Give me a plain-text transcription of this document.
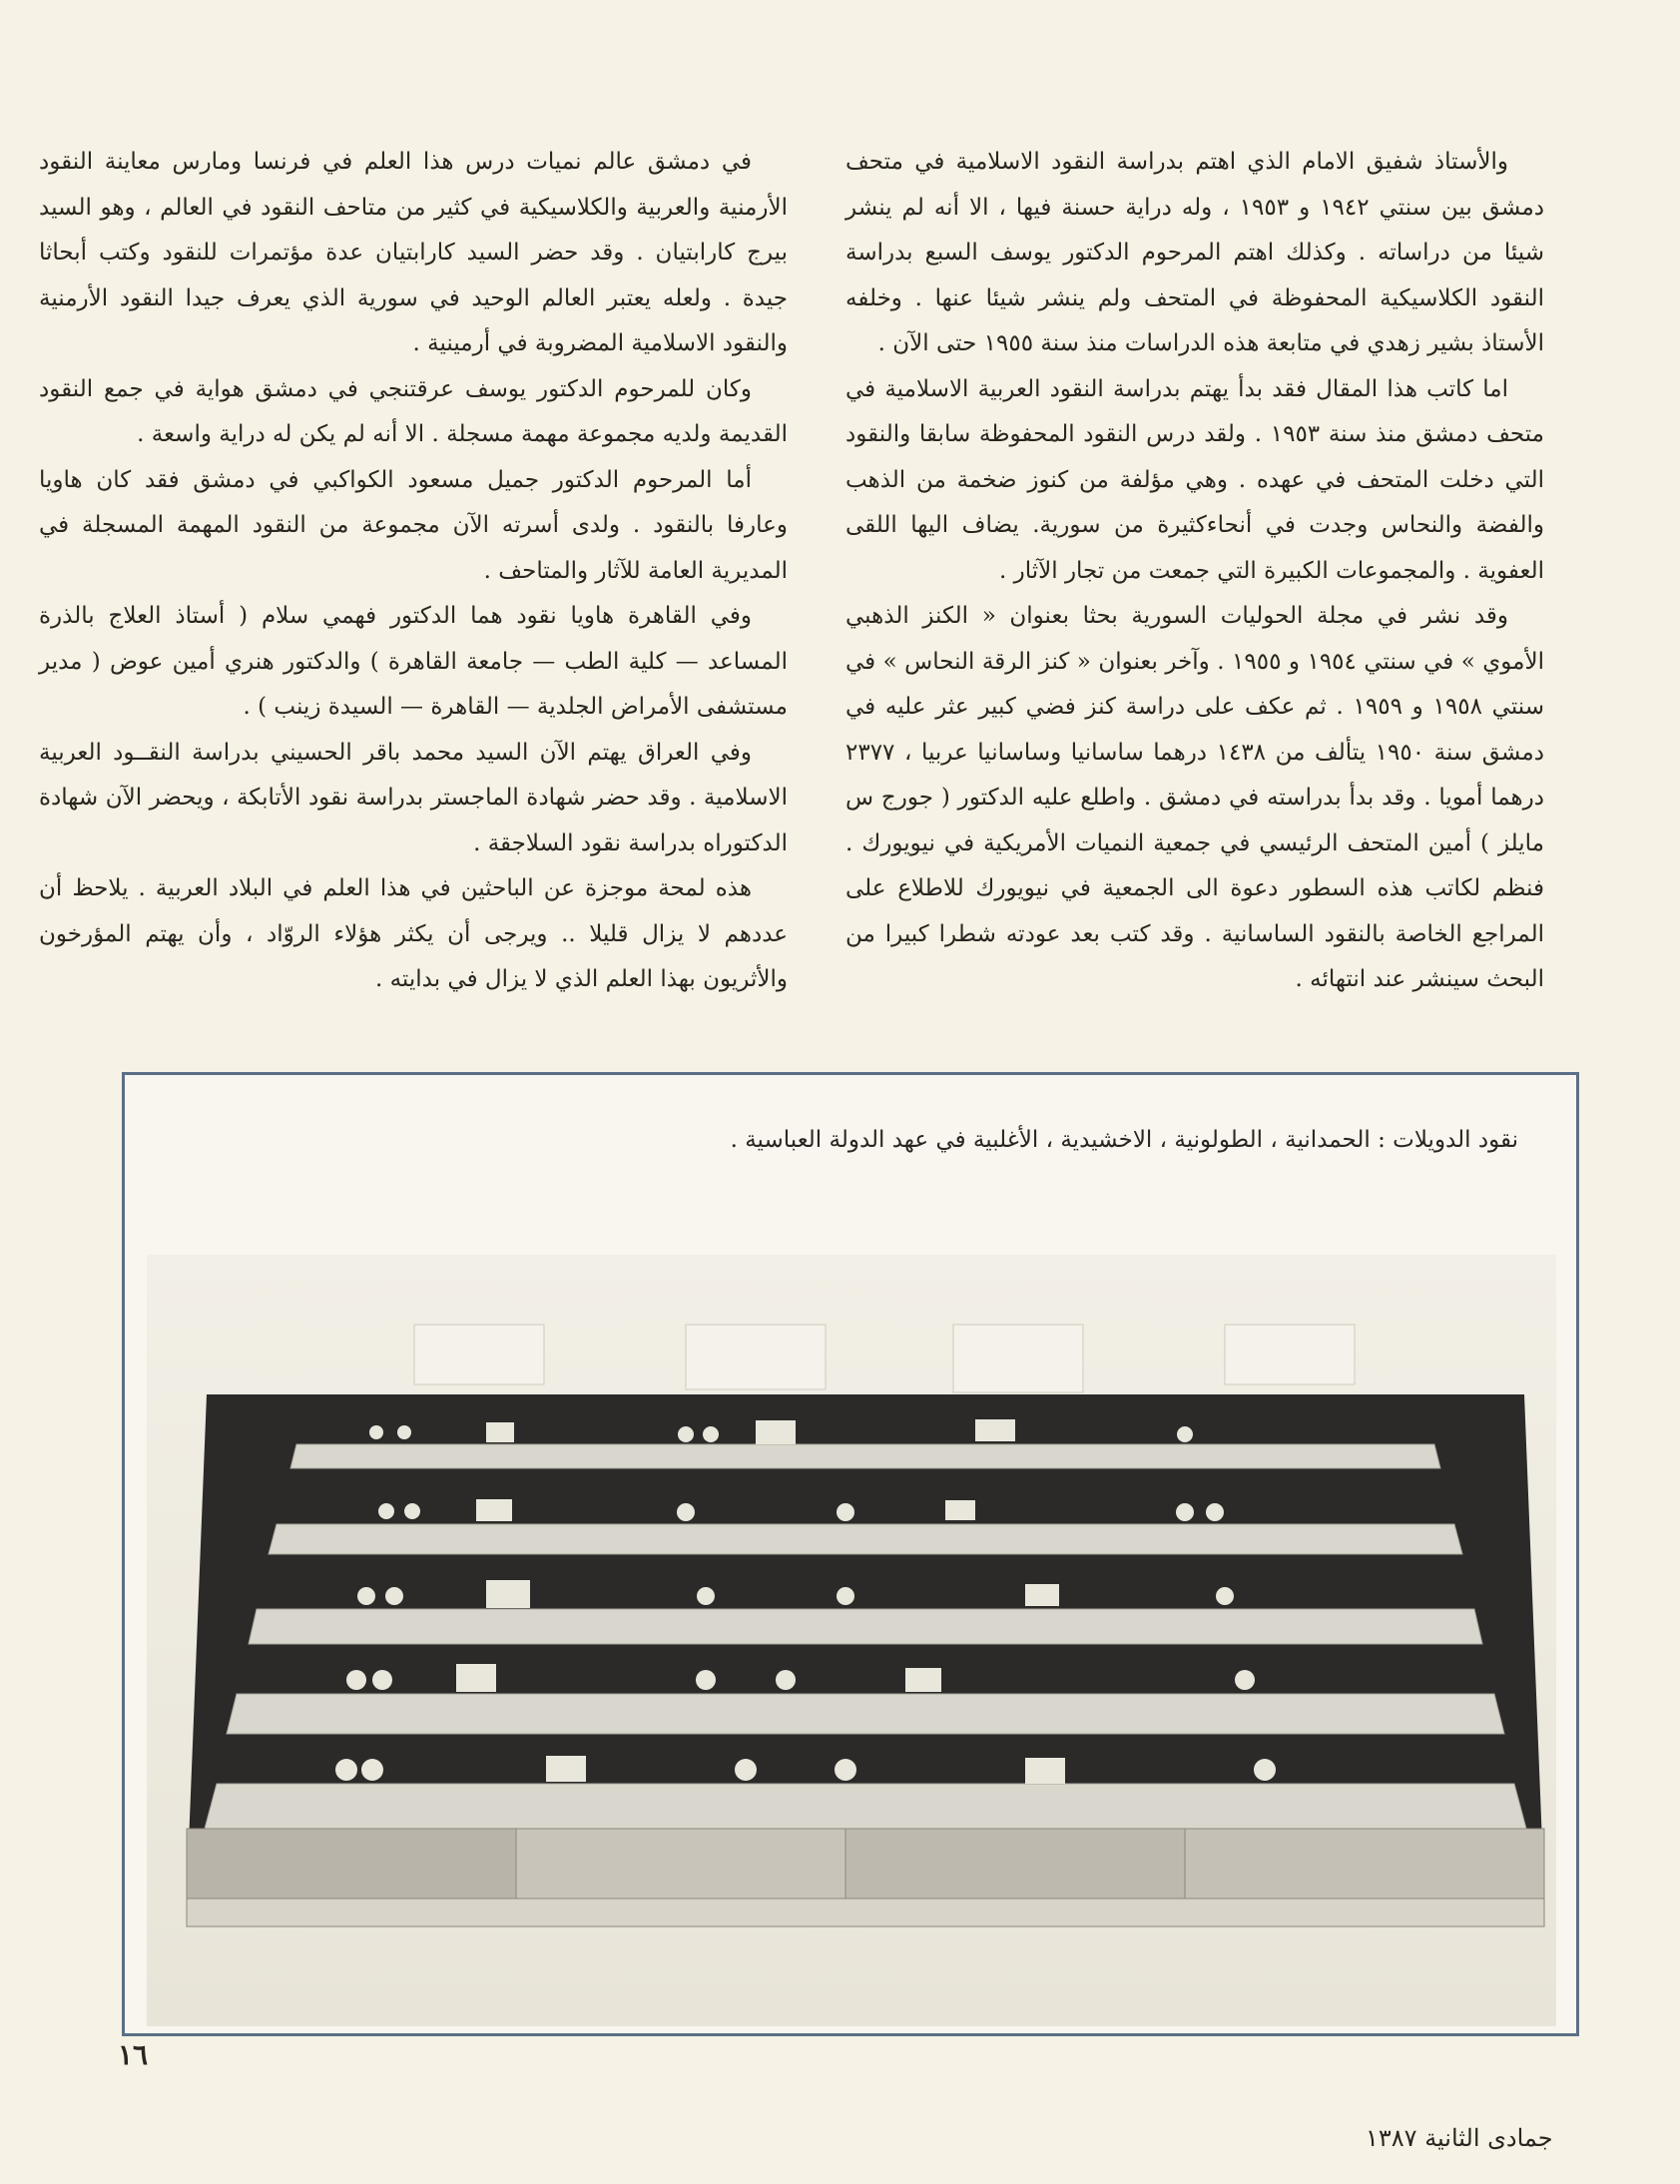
والأستاذ شفيق الامام الذي اهتم بدراسة النقود الاسلامية في متحف دمشق بين سنتي ١٩٤٢ و ١٩٥٣ ، وله دراية حسنة فيها ، الا أنه لم ينشر شيئا من دراساته . وكذلك اهتم المرحوم الدكتور يوسف السبع بدراسة النقود الكلاسيكية المحفوظة في المتحف ولم ينشر شيئا عنها . وخلفه الأستاذ بشير زهدي في متابعة هذه الدراسات منذ سنة ١٩٥٥ حتى الآن .

اما كاتب هذا المقال فقد بدأ يهتم بدراسة النقود العربية الاسلامية في متحف دمشق منذ سنة ١٩٥٣ . ولقد درس النقود المحفوظة سابقا والنقود التي دخلت المتحف في عهده . وهي مؤلفة من كنوز ضخمة من الذهب والفضة والنحاس وجدت في أنحاءكثيرة من سورية. يضاف اليها اللقى العفوية . والمجموعات الكبيرة التي جمعت من تجار الآثار .

وقد نشر في مجلة الحوليات السورية بحثا بعنوان « الكنز الذهبي الأموي » في سنتي ١٩٥٤ و ١٩٥٥ . وآخر بعنوان « كنز الرقة النحاس » في سنتي ١٩٥٨ و ١٩٥٩ . ثم عكف على دراسة كنز فضي كبير عثر عليه في دمشق سنة ١٩٥٠ يتألف من ١٤٣٨ درهما ساسانيا وساسانيا عربيا ، ٢٣٧٧ درهما أمويا . وقد بدأ بدراسته في دمشق . واطلع عليه الدكتور ( جورج س مايلز ) أمين المتحف الرئيسي في جمعية النميات الأمريكية في نيويورك . فنظم لكاتب هذه السطور دعوة الى الجمعية في نيويورك للاطلاع على المراجع الخاصة بالنقود الساسانية . وقد كتب بعد عودته شطرا كبيرا من البحث سينشر عند انتهائه .

في دمشق عالم نميات درس هذا العلم في فرنسا ومارس معاينة النقود الأرمنية والعربية والكلاسيكية في كثير من متاحف النقود في العالم ، وهو السيد بيرج كارابتيان . وقد حضر السيد كارابتيان عدة مؤتمرات للنقود وكتب أبحاثا جيدة . ولعله يعتبر العالم الوحيد في سورية الذي يعرف جيدا النقود الأرمنية والنقود الاسلامية المضروبة في أرمينية .

وكان للمرحوم الدكتور يوسف عرقتنجي في دمشق هواية في جمع النقود القديمة ولديه مجموعة مهمة مسجلة . الا أنه لم يكن له دراية واسعة .

أما المرحوم الدكتور جميل مسعود الكواكبي في دمشق فقد كان هاويا وعارفا بالنقود . ولدى أسرته الآن مجموعة من النقود المهمة المسجلة في المديرية العامة للآثار والمتاحف .

وفي القاهرة هاويا نقود هما الدكتور فهمي سلام ( أستاذ العلاج بالذرة المساعد — كلية الطب — جامعة القاهرة ) والدكتور هنري أمين عوض ( مدير مستشفى الأمراض الجلدية — القاهرة — السيدة زينب ) .

وفي العراق يهتم الآن السيد محمد باقر الحسيني بدراسة النقــود العربية الاسلامية . وقد حضر شهادة الماجستر بدراسة نقود الأتابكة ، ويحضر الآن شهادة الدكتوراه بدراسة نقود السلاجقة .

هذه لمحة موجزة عن الباحثين في هذا العلم في البلاد العربية . يلاحظ أن عددهم لا يزال قليلا .. ويرجى أن يكثر هؤلاء الروّاد ، وأن يهتم المؤرخون والأثريون بهذا العلم الذي لا يزال في بدايته .

نقود الدويلات : الحمدانية ، الطولونية ، الاخشيدية ، الأغلبية في عهد الدولة العباسية .
١٦
جمادى الثانية ١٣٨٧
